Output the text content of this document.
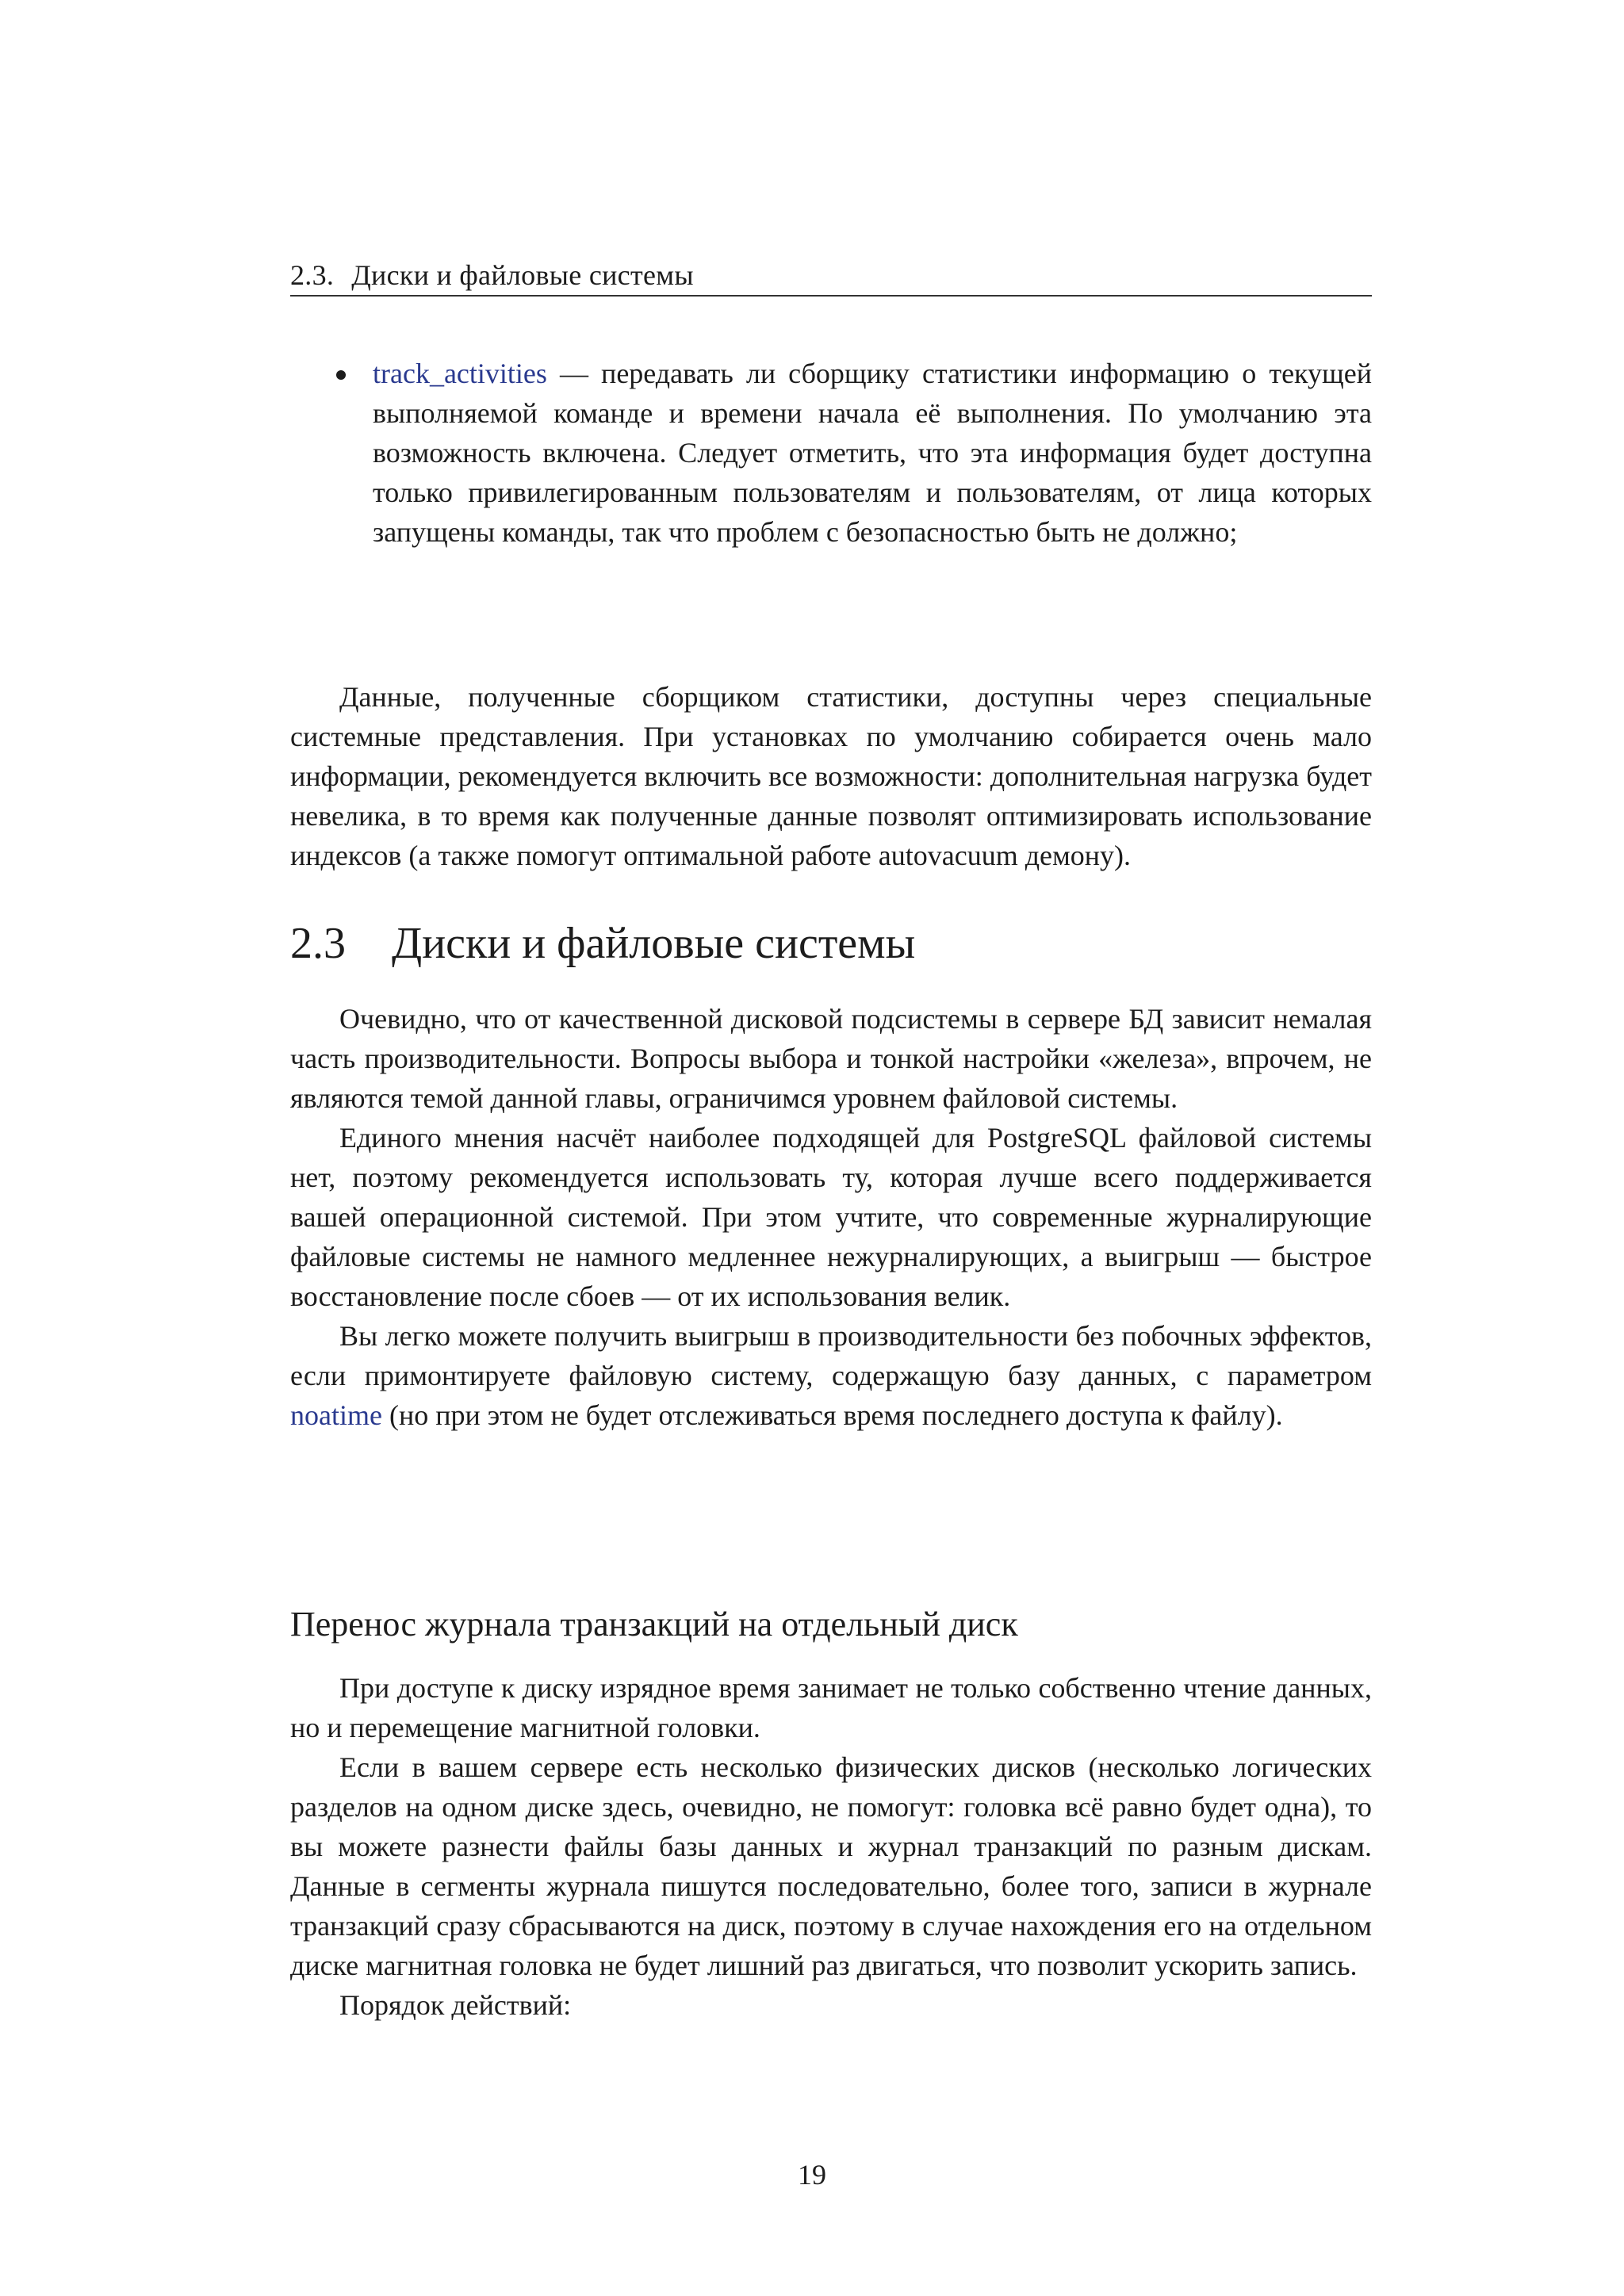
2.3. Диски и файловые системы
track_activities — передавать ли сборщику статистики информацию о текущей выполняемой команде и времени начала её выполнения. По умолчанию эта возможность включена. Следует отметить, что эта информация будет доступна только привилегированным пользователям и пользователям, от лица которых запущены команды, так что проблем с безопасностью быть не должно;

Данные, полученные сборщиком статистики, доступны через специальные системные представления. При установках по умолчанию собирается очень мало информации, рекомендуется включить все возможности: дополнительная нагрузка будет невелика, в то время как полученные данные позволят оптимизировать использование индексов (а также помогут оптимальной работе autovacuum демону).

2.3 Диски и файловые системы

Очевидно, что от качественной дисковой подсистемы в сервере БД зависит немалая часть производительности. Вопросы выбора и тонкой настройки «железа», впрочем, не являются темой данной главы, ограничимся уровнем файловой системы.

Единого мнения насчёт наиболее подходящей для PostgreSQL файловой системы нет, поэтому рекомендуется использовать ту, которая лучше всего поддерживается вашей операционной системой. При этом учтите, что современные журналирующие файловые системы не намного медленнее нежурналирующих, а выигрыш — быстрое восстановление после сбоев — от их использования велик.

Вы легко можете получить выигрыш в производительности без побочных эффектов, если примонтируете файловую систему, содержащую базу данных, с параметром noatime (но при этом не будет отслеживаться время последнего доступа к файлу).

Перенос журнала транзакций на отдельный диск

При доступе к диску изрядное время занимает не только собственно чтение данных, но и перемещение магнитной головки.

Если в вашем сервере есть несколько физических дисков (несколько логических разделов на одном диске здесь, очевидно, не помогут: головка всё равно будет одна), то вы можете разнести файлы базы данных и журнал транзакций по разным дискам. Данные в сегменты журнала пишутся последовательно, более того, записи в журнале транзакций сразу сбрасываются на диск, поэтому в случае нахождения его на отдельном диске магнитная головка не будет лишний раз двигаться, что позволит ускорить запись.

Порядок действий:

19
